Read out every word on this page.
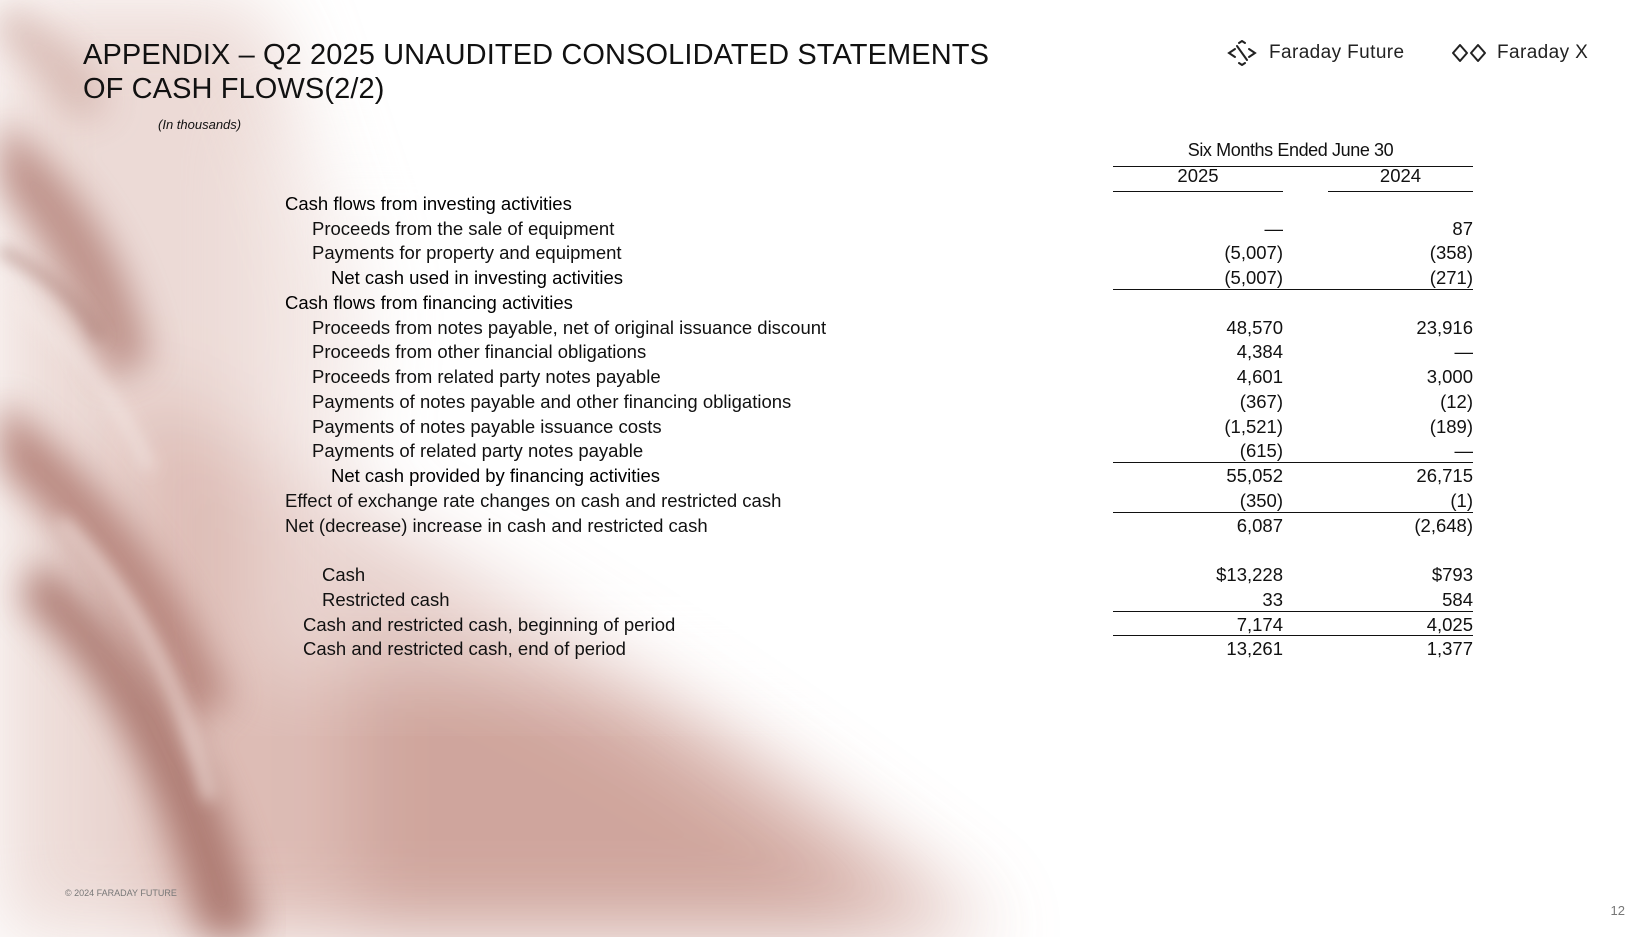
APPENDIX – Q2 2025 UNAUDITED CONSOLIDATED STATEMENTS
OF CASH FLOWS(2/2)
(In thousands)
Faraday Future	Faraday X
Six Months Ended June 30
2025	2024
Cash flows from investing activities
Proceeds from the sale of equipment	—	87
Payments for property and equipment	(5,007)	(358)
Net cash used in investing activities	(5,007)	(271)
Cash flows from financing activities
Proceeds from notes payable, net of original issuance discount	48,570	23,916
Proceeds from other financial obligations	4,384	—
Proceeds from related party notes payable	4,601	3,000
Payments of notes payable and other financing obligations	(367)	(12)
Payments of notes payable issuance costs	(1,521)	(189)
Payments of related party notes payable	(615)	—
Net cash provided by financing activities	55,052	26,715
Effect of exchange rate changes on cash and restricted cash	(350)	(1)
Net (decrease) increase in cash and restricted cash	6,087	(2,648)
Cash	$13,228	$793
Restricted cash	33	584
Cash and restricted cash, beginning of period	7,174	4,025
Cash and restricted cash, end of period	13,261	1,377
© 2024 FARADAY FUTURE
12
